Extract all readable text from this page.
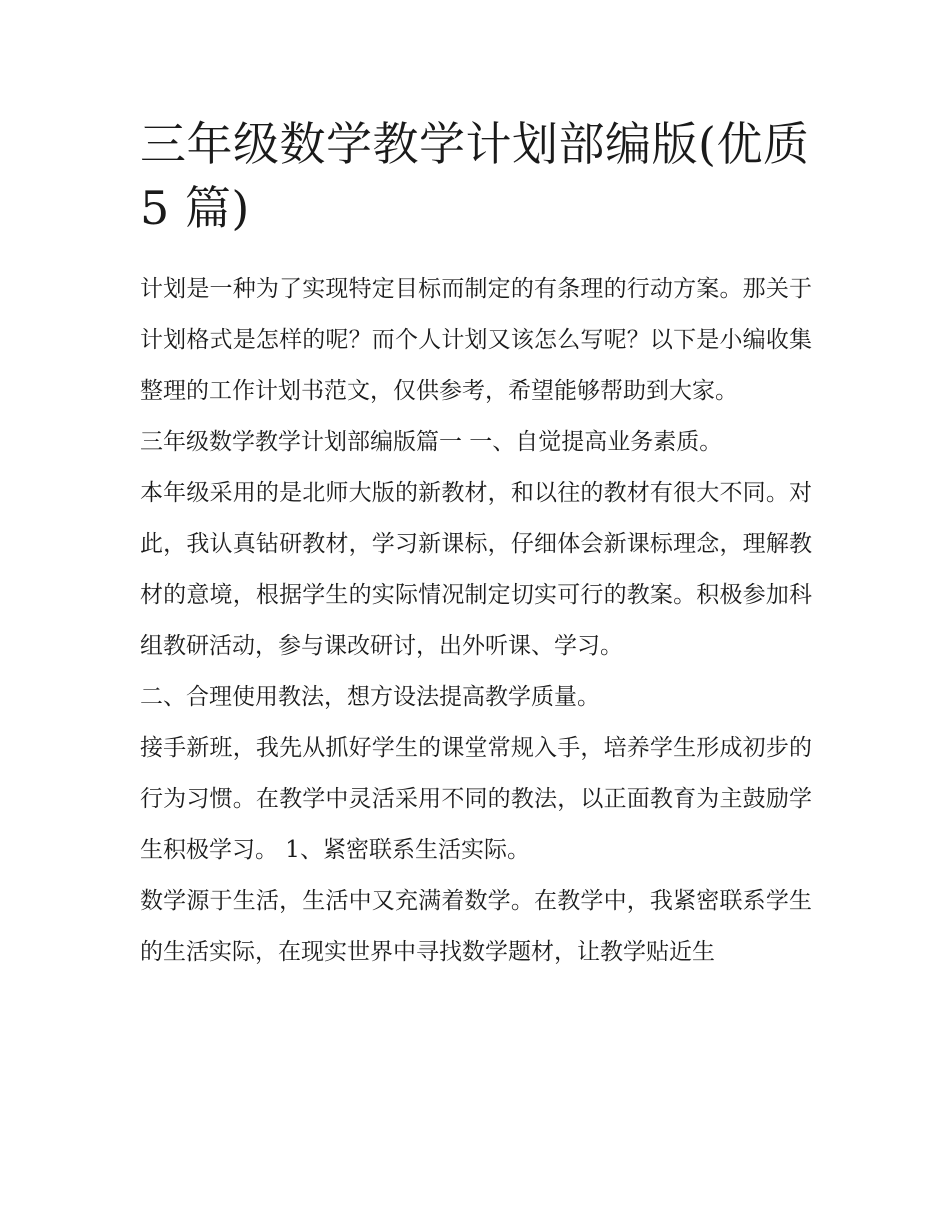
三年级数学教学计划部编版(优质 5 篇)

计划是一种为了实现特定目标而制定的有条理的行动方案。那关于计划格式是怎样的呢？而个人计划又该怎么写呢？以下是小编收集整理的工作计划书范文，仅供参考，希望能够帮助到大家。

三年级数学教学计划部编版篇一 一、自觉提高业务素质。

本年级采用的是北师大版的新教材，和以往的教材有很大不同。对此，我认真钻研教材，学习新课标，仔细体会新课标理念，理解教材的意境，根据学生的实际情况制定切实可行的教案。积极参加科组教研活动，参与课改研讨，出外听课、学习。

二、合理使用教法，想方设法提高教学质量。

接手新班，我先从抓好学生的课堂常规入手，培养学生形成初步的行为习惯。在教学中灵活采用不同的教法，以正面教育为主鼓励学生积极学习。 1、紧密联系生活实际。

数学源于生活，生活中又充满着数学。在教学中，我紧密联系学生的生活实际，在现实世界中寻找数学题材，让教学贴近生
